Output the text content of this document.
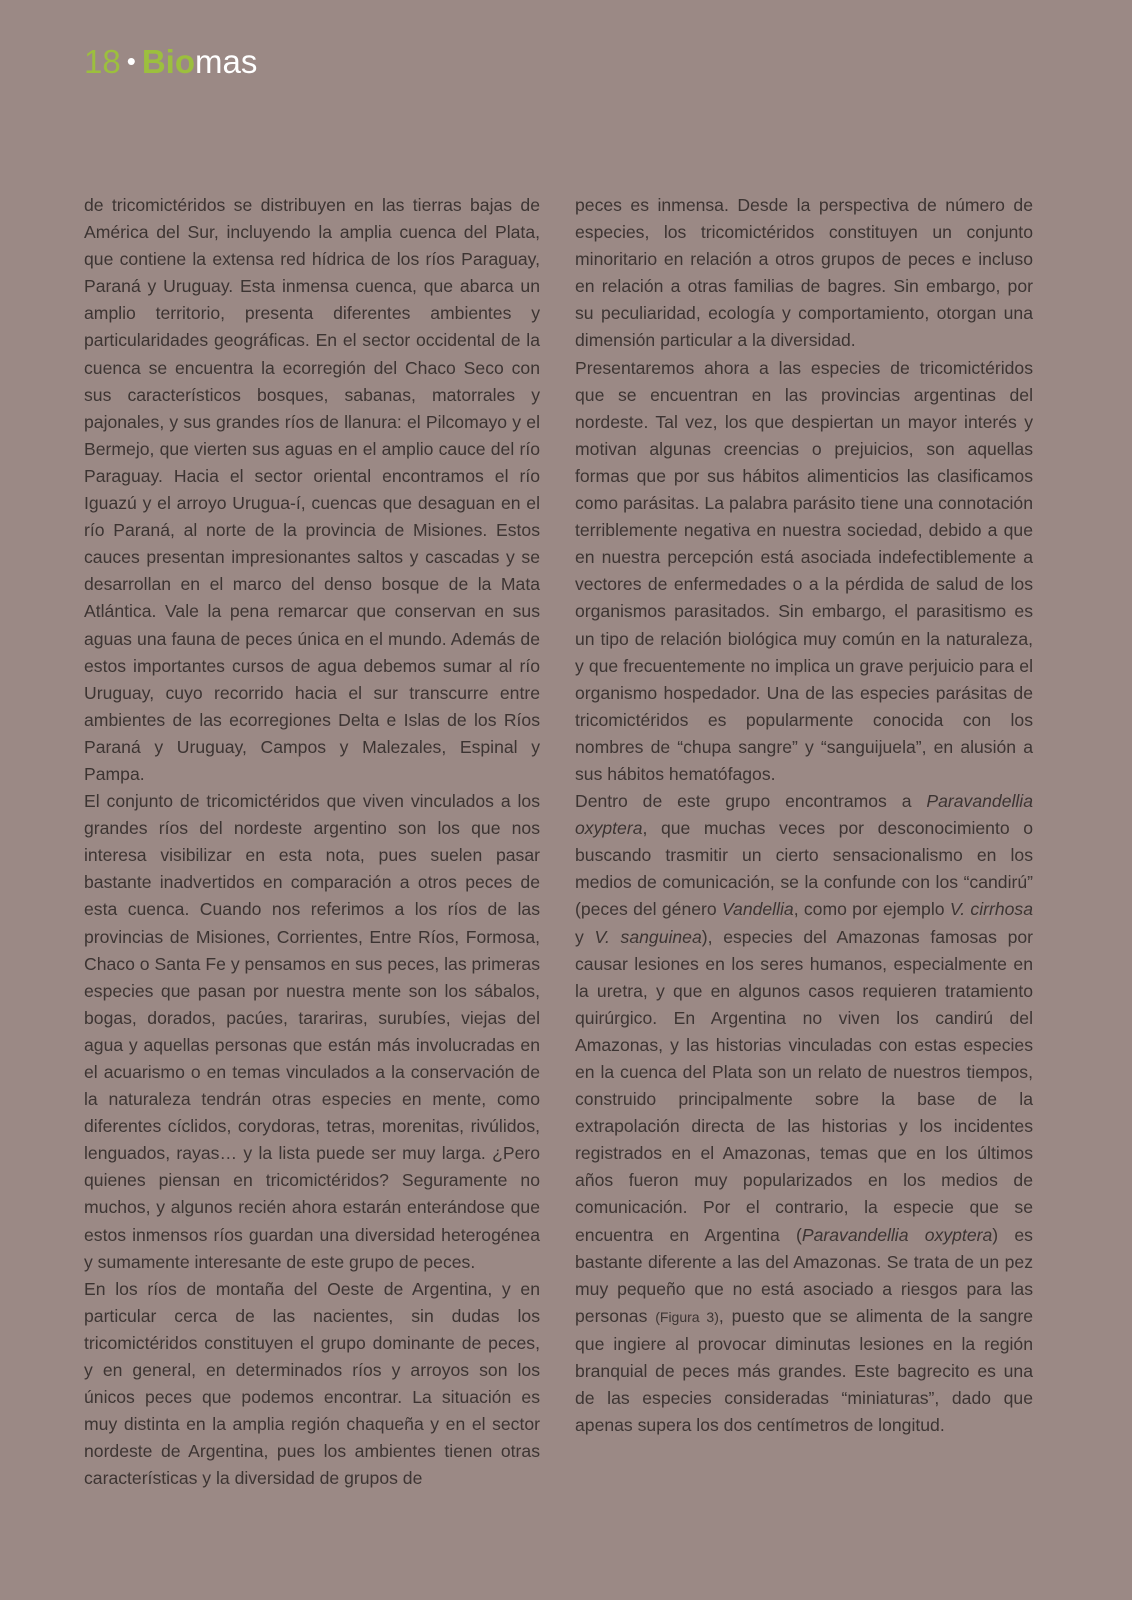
18 • Biomas

de tricomictéridos se distribuyen en las tierras bajas de América del Sur, incluyendo la amplia cuenca del Plata, que contiene la extensa red hídrica de los ríos Paraguay, Paraná y Uruguay. Esta inmensa cuenca, que abarca un amplio territorio, presenta diferentes ambientes y particularidades geográficas. En el sector occidental de la cuenca se encuentra la ecorregión del Chaco Seco con sus característicos bosques, sabanas, matorrales y pajonales, y sus grandes ríos de llanura: el Pilcomayo y el Bermejo, que vierten sus aguas en el amplio cauce del río Paraguay. Hacia el sector oriental encontramos el río Iguazú y el arroyo Urugua-í, cuencas que desaguan en el río Paraná, al norte de la provincia de Misiones. Estos cauces presentan impresionantes saltos y cascadas y se desarrollan en el marco del denso bosque de la Mata Atlántica. Vale la pena remarcar que conservan en sus aguas una fauna de peces única en el mundo. Además de estos importantes cursos de agua debemos sumar al río Uruguay, cuyo recorrido hacia el sur transcurre entre ambientes de las ecorregiones Delta e Islas de los Ríos Paraná y Uruguay, Campos y Malezales, Espinal y Pampa.

El conjunto de tricomictéridos que viven vinculados a los grandes ríos del nordeste argentino son los que nos interesa visibilizar en esta nota, pues suelen pasar bastante inadvertidos en comparación a otros peces de esta cuenca. Cuando nos referimos a los ríos de las provincias de Misiones, Corrientes, Entre Ríos, Formosa, Chaco o Santa Fe y pensamos en sus peces, las primeras especies que pasan por nuestra mente son los sábalos, bogas, dorados, pacúes, tarariras, surubíes, viejas del agua y aquellas personas que están más involucradas en el acuarismo o en temas vinculados a la conservación de la naturaleza tendrán otras especies en mente, como diferentes cíclidos, corydoras, tetras, morenitas, rivúlidos, lenguados, rayas… y la lista puede ser muy larga. ¿Pero quienes piensan en tricomictéridos? Seguramente no muchos, y algunos recién ahora estarán enterándose que estos inmensos ríos guardan una diversidad heterogénea y sumamente interesante de este grupo de peces.

En los ríos de montaña del Oeste de Argentina, y en particular cerca de las nacientes, sin dudas los tricomictéridos constituyen el grupo dominante de peces, y en general, en determinados ríos y arroyos son los únicos peces que podemos encontrar. La situación es muy distinta en la amplia región chaqueña y en el sector nordeste de Argentina, pues los ambientes tienen otras características y la diversidad de grupos de

peces es inmensa. Desde la perspectiva de número de especies, los tricomictéridos constituyen un conjunto minoritario en relación a otros grupos de peces e incluso en relación a otras familias de bagres. Sin embargo, por su peculiaridad, ecología y comportamiento, otorgan una dimensión particular a la diversidad.

Presentaremos ahora a las especies de tricomictéridos que se encuentran en las provincias argentinas del nordeste. Tal vez, los que despiertan un mayor interés y motivan algunas creencias o prejuicios, son aquellas formas que por sus hábitos alimenticios las clasificamos como parásitas. La palabra parásito tiene una connotación terriblemente negativa en nuestra sociedad, debido a que en nuestra percepción está asociada indefectiblemente a vectores de enfermedades o a la pérdida de salud de los organismos parasitados. Sin embargo, el parasitismo es un tipo de relación biológica muy común en la naturaleza, y que frecuentemente no implica un grave perjuicio para el organismo hospedador. Una de las especies parásitas de tricomictéridos es popularmente conocida con los nombres de “chupa sangre” y “sanguijuela”, en alusión a sus hábitos hematófagos.

Dentro de este grupo encontramos a Paravandellia oxyptera, que muchas veces por desconocimiento o buscando trasmitir un cierto sensacionalismo en los medios de comunicación, se la confunde con los “candirú” (peces del género Vandellia, como por ejemplo V. cirrhosa y V. sanguinea), especies del Amazonas famosas por causar lesiones en los seres humanos, especialmente en la uretra, y que en algunos casos requieren tratamiento quirúrgico. En Argentina no viven los candirú del Amazonas, y las historias vinculadas con estas especies en la cuenca del Plata son un relato de nuestros tiempos, construido principalmente sobre la base de la extrapolación directa de las historias y los incidentes registrados en el Amazonas, temas que en los últimos años fueron muy popularizados en los medios de comunicación. Por el contrario, la especie que se encuentra en Argentina (Paravandellia oxyptera) es bastante diferente a las del Amazonas. Se trata de un pez muy pequeño que no está asociado a riesgos para las personas (Figura 3), puesto que se alimenta de la sangre que ingiere al provocar diminutas lesiones en la región branquial de peces más grandes. Este bagrecito es una de las especies consideradas “miniaturas”, dado que apenas supera los dos centímetros de longitud.
